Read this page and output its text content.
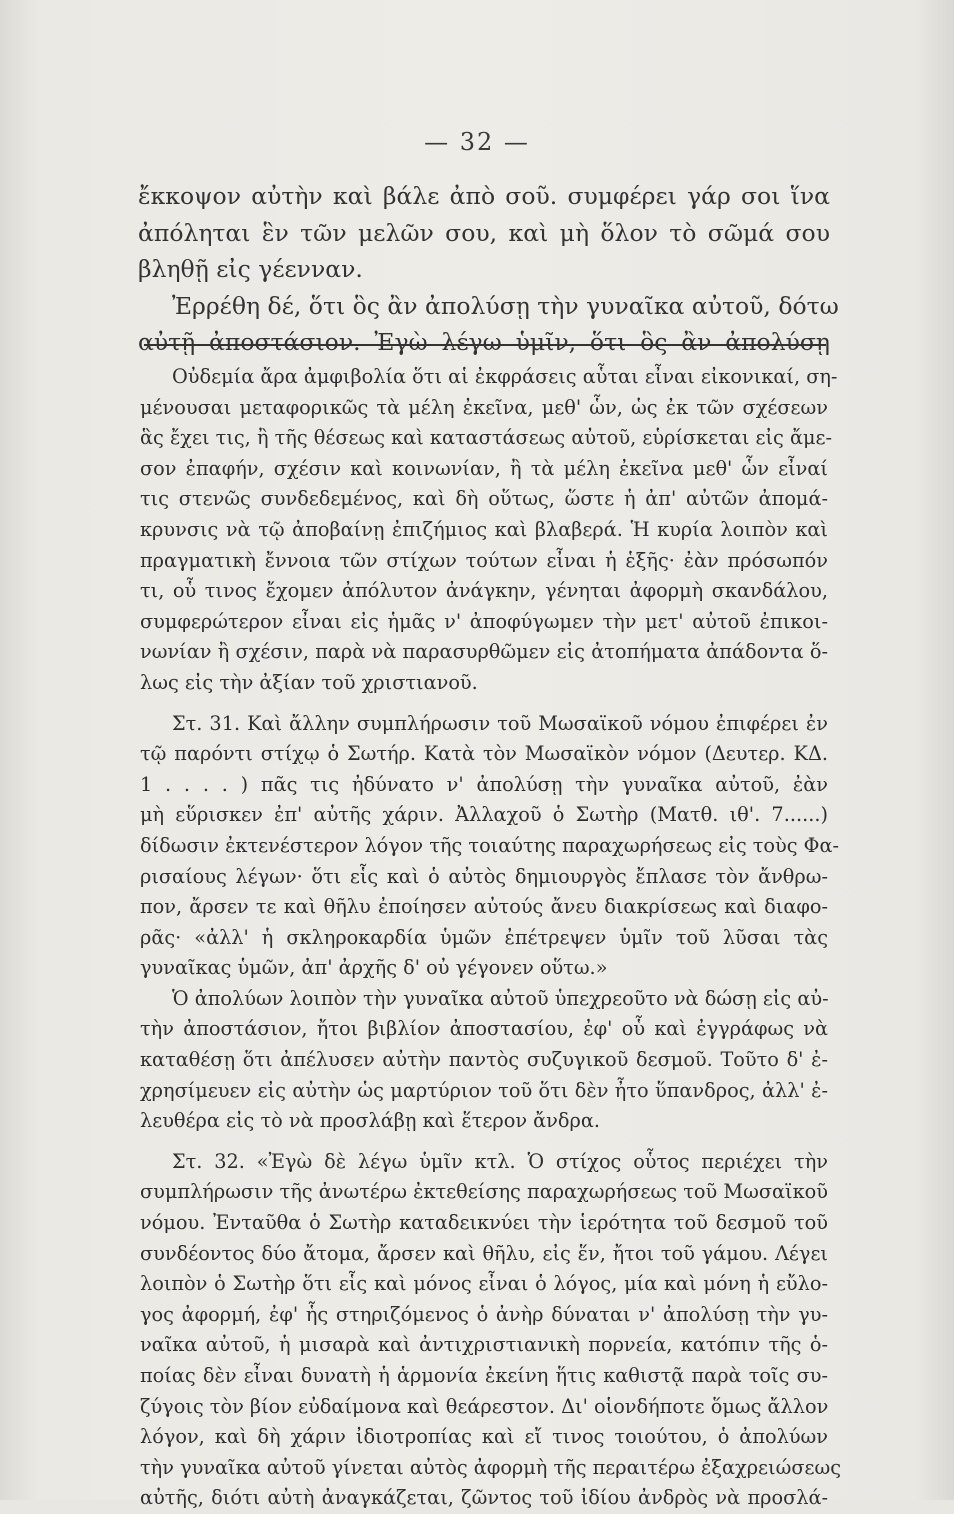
— 32 —
ἔκκοψον αὐτὴν καὶ βάλε ἀπὸ σοῦ. συμφέρει γάρ σοι ἵνα
ἀπόληται ἓν τῶν μελῶν σου, καὶ μὴ ὅλον τὸ σῶμά σου
βληθῇ εἰς γέενναν.
Ἐρρέθη δέ, ὅτι ὃς ἂν ἀπολύσῃ τὴν γυναῖκα αὐτοῦ, δότω
αὐτῇ ἀποστάσιον. Ἐγὼ λέγω ὑμῖν, ὅτι ὃς ἂν ἀπολύσῃ
Οὐδεμία ἄρα ἀμφιβολία ὅτι αἱ ἐκφράσεις αὗται εἶναι εἰκονικαί, ση-
μένουσαι μεταφορικῶς τὰ μέλη ἐκεῖνα, μεθ' ὧν, ὡς ἐκ τῶν σχέσεων
ἃς ἔχει τις, ἢ τῆς θέσεως καὶ καταστάσεως αὐτοῦ, εὑρίσκεται εἰς ἄμε-
σον ἐπαφήν, σχέσιν καὶ κοινωνίαν, ἢ τὰ μέλη ἐκεῖνα μεθ' ὧν εἶναί
τις στενῶς συνδεδεμένος, καὶ δὴ οὕτως, ὥστε ἡ ἀπ' αὐτῶν ἀπομά-
κρυνσις νὰ τῷ ἀποβαίνῃ ἐπιζήμιος καὶ βλαβερά. Ἡ κυρία λοιπὸν καὶ
πραγματικὴ ἔννοια τῶν στίχων τούτων εἶναι ἡ ἑξῆς· ἐὰν πρόσωπόν
τι, οὗ τινος ἔχομεν ἀπόλυτον ἀνάγκην, γένηται ἀφορμὴ σκανδάλου,
συμφερώτερον εἶναι εἰς ἡμᾶς ν' ἀποφύγωμεν τὴν μετ' αὐτοῦ ἐπικοι-
νωνίαν ἢ σχέσιν, παρὰ νὰ παρασυρθῶμεν εἰς ἀτοπήματα ἀπάδοντα ὅ-
λως εἰς τὴν ἀξίαν τοῦ χριστιανοῦ.
Στ. 31. Καὶ ἄλλην συμπλήρωσιν τοῦ Μωσαϊκοῦ νόμου ἐπιφέρει ἐν
τῷ παρόντι στίχῳ ὁ Σωτήρ. Κατὰ τὸν Μωσαϊκὸν νόμον (Δευτερ. ΚΔ.
1 . . . . ) πᾶς τις ἠδύνατο ν' ἀπολύσῃ τὴν γυναῖκα αὐτοῦ, ἐὰν
μὴ εὕρισκεν ἐπ' αὐτῆς χάριν. Ἀλλαχοῦ ὁ Σωτὴρ (Ματθ. ιθ'. 7......)
δίδωσιν ἐκτενέστερον λόγον τῆς τοιαύτης παραχωρήσεως εἰς τοὺς Φα-
ρισαίους λέγων· ὅτι εἷς καὶ ὁ αὐτὸς δημιουργὸς ἔπλασε τὸν ἄνθρω-
πον, ἄρσεν τε καὶ θῆλυ ἐποίησεν αὐτούς ἄνευ διακρίσεως καὶ διαφο-
ρᾶς· «ἀλλ' ἡ σκληροκαρδία ὑμῶν ἐπέτρεψεν ὑμῖν τοῦ λῦσαι τὰς
γυναῖκας ὑμῶν, ἀπ' ἀρχῆς δ' οὐ γέγονεν οὕτω.»
Ὁ ἀπολύων λοιπὸν τὴν γυναῖκα αὐτοῦ ὑπεχρεοῦτο νὰ δώσῃ εἰς αὐ-
τὴν ἀποστάσιον, ἤτοι βιβλίον ἀποστασίου, ἐφ' οὗ καὶ ἐγγράφως νὰ
καταθέσῃ ὅτι ἀπέλυσεν αὐτὴν παντὸς συζυγικοῦ δεσμοῦ. Τοῦτο δ' ἐ-
χρησίμευεν εἰς αὐτὴν ὡς μαρτύριον τοῦ ὅτι δὲν ἦτο ὕπανδρος, ἀλλ' ἐ-
λευθέρα εἰς τὸ νὰ προσλάβῃ καὶ ἕτερον ἄνδρα.
Στ. 32. «Ἐγὼ δὲ λέγω ὑμῖν κτλ. Ὁ στίχος οὗτος περιέχει τὴν
συμπλήρωσιν τῆς ἀνωτέρω ἐκτεθείσης παραχωρήσεως τοῦ Μωσαϊκοῦ
νόμου. Ἐνταῦθα ὁ Σωτὴρ καταδεικνύει τὴν ἱερότητα τοῦ δεσμοῦ τοῦ
συνδέοντος δύο ἄτομα, ἄρσεν καὶ θῆλυ, εἰς ἕν, ἤτοι τοῦ γάμου. Λέγει
λοιπὸν ὁ Σωτὴρ ὅτι εἷς καὶ μόνος εἶναι ὁ λόγος, μία καὶ μόνη ἡ εὔλο-
γος ἀφορμή, ἐφ' ἧς στηριζόμενος ὁ ἀνὴρ δύναται ν' ἀπολύσῃ τὴν γυ-
ναῖκα αὐτοῦ, ἡ μισαρὰ καὶ ἀντιχριστιανικὴ πορνεία, κατόπιν τῆς ὁ-
ποίας δὲν εἶναι δυνατὴ ἡ ἁρμονία ἐκείνη ἥτις καθιστᾷ παρὰ τοῖς συ-
ζύγοις τὸν βίον εὐδαίμονα καὶ θεάρεστον. Δι' οἱονδήποτε ὅμως ἄλλον
λόγον, καὶ δὴ χάριν ἰδιοτροπίας καὶ εἴ τινος τοιούτου, ὁ ἀπολύων
τὴν γυναῖκα αὐτοῦ γίνεται αὐτὸς ἀφορμὴ τῆς περαιτέρω ἐξαχρειώσεως
αὐτῆς, διότι αὐτὴ ἀναγκάζεται, ζῶντος τοῦ ἰδίου ἀνδρὸς νὰ προσλά-
